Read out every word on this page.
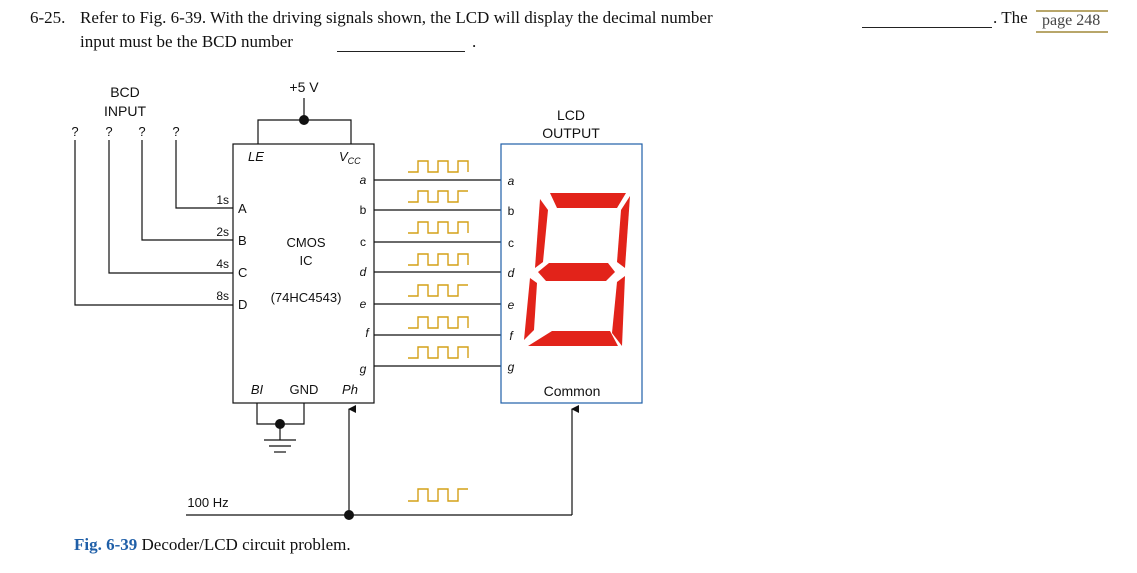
6-25. Refer to Fig. 6-39. With the driving signals shown, the LCD will display the decimal number	. The page 248
input must be the BCD number	.
BCD
INPUT
? ? ? ?
+5 V
LE	$V_{CC}$
A
B
C
D
1s
2s
4s
8s
CMOS
IC
(74HC4543)
a
b
c
d
e
f
g
BI GND Ph
LCD
OUTPUT
a
b
c
d
e
f
g
Common
100 Hz
Fig. 6-39 Decoder/LCD circuit problem.
